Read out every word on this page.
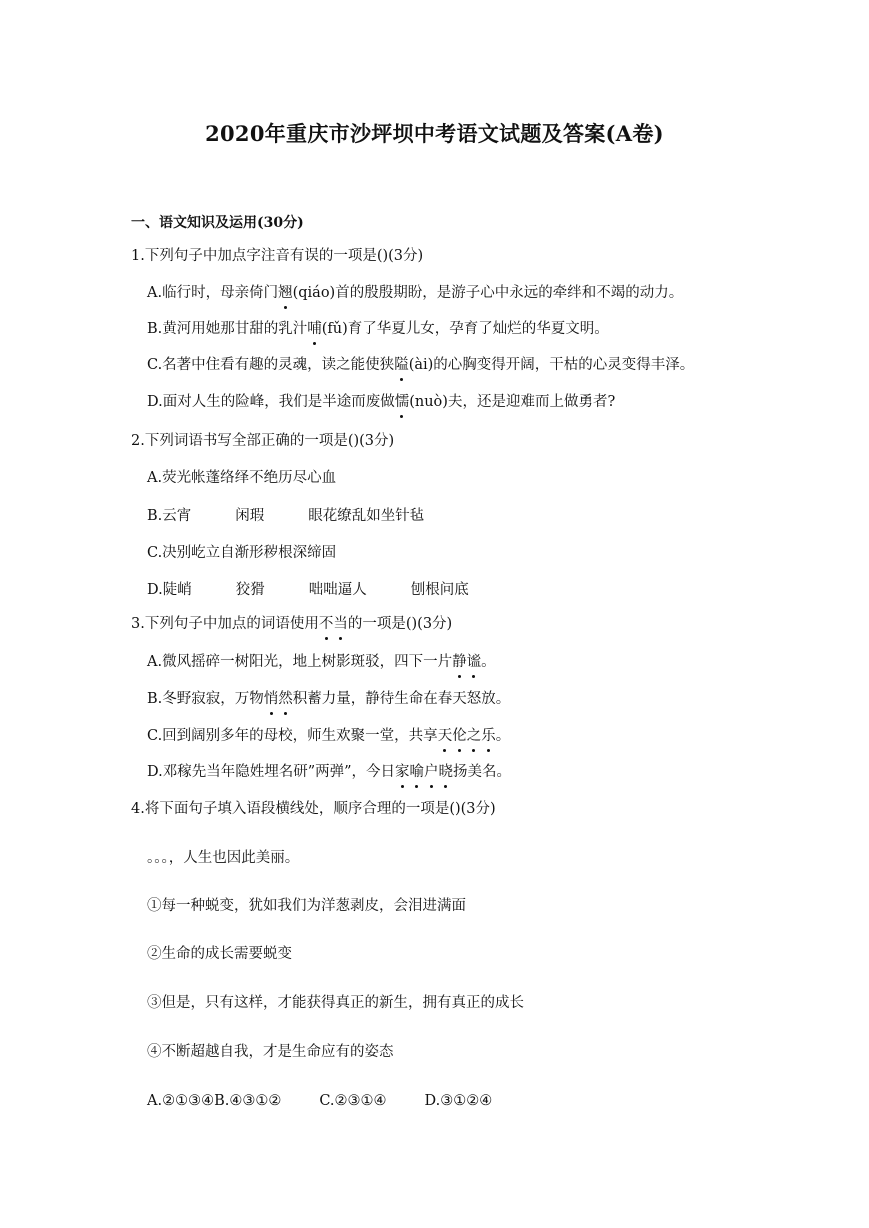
2020年重庆市沙坪坝中考语文试题及答案(A卷)
一、语文知识及运用(30分)
1.下列句子中加点字注音有误的一项是()(3分)
A.临行时，母亲倚门翘(qiáo)首的殷殷期盼，是游子心中永远的牵绊和不竭的动力。
B.黄河用她那甘甜的乳汁哺(fǔ)育了华夏儿女，孕育了灿烂的华夏文明。
C.名著中住看有趣的灵魂，读之能使狭隘(ài)的心胸变得开阔，干枯的心灵变得丰泽。
D.面对人生的险峰，我们是半途而废做懦(nuò)夫，还是迎难而上做勇者?
2.下列词语书写全部正确的一项是()(3分)
A.荧光帐蓬络绎不绝历尽心血
B.云宵	闲瑕	眼花缭乱如坐针毡
C.决别屹立自渐形秽根深缔固
D.陡峭	狡猾	咄咄逼人	刨根问底
3.下列句子中加点的词语使用不当的一项是()(3分)
A.微风摇碎一树阳光，地上树影斑驳，四下一片静谧。
B.冬野寂寂，万物悄然积蓄力量，静待生命在春天怒放。
C.回到阔别多年的母校，师生欢聚一堂，共享天伦之乐。
D.邓稼先当年隐姓埋名研”两弹”，今日家喻户晓扬美名。
4.将下面句子填入语段横线处，顺序合理的一项是()(3分)
。。。，人生也因此美丽。
①每一种蜕变，犹如我们为洋葱剥皮，会泪进满面
②生命的成长需要蜕变
③但是，只有这样，才能获得真正的新生，拥有真正的成长
④不断超越自我，才是生命应有的姿态
A.②①③④B.④③①②	C.②③①④	D.③①②④
